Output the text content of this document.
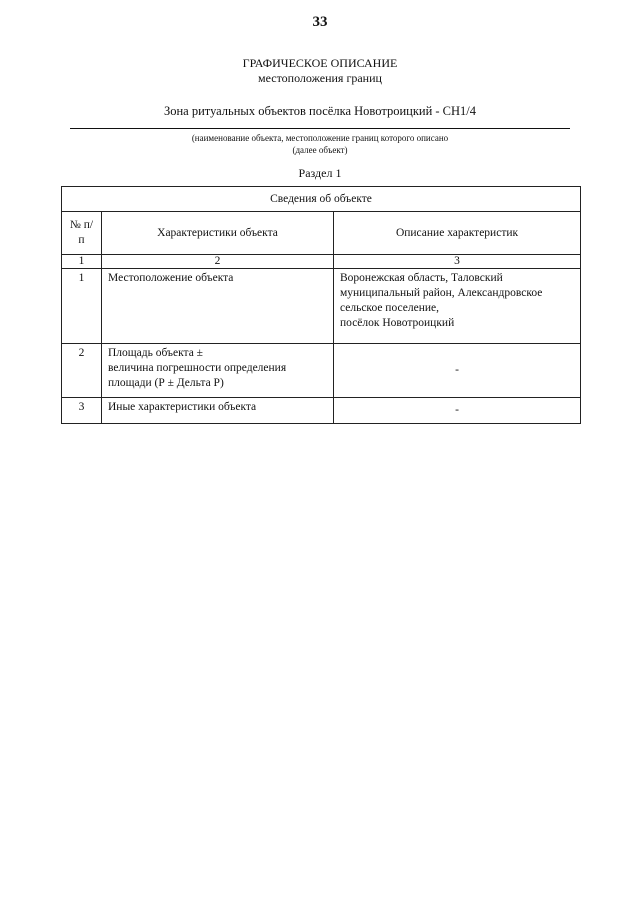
33
ГРАФИЧЕСКОЕ ОПИСАНИЕ
местоположения границ
Зона ритуальных объектов посёлка Новотроицкий - СН1/4
(наименование объекта, местоположение границ которого описано
(далее объект)
Раздел 1
Сведения об объекте		
№ п/п	Характеристики объекта	Описание характеристик
1	2	3
1	Местоположение объекта	Воронежская область, Таловский
муниципальный район, Александровское
сельское поселение,
посёлок Новотроицкий

2	Площадь объекта ±
величина погрешности определения
площади (Р ± Дельта Р)	-
3	Иные характеристики объекта	-
